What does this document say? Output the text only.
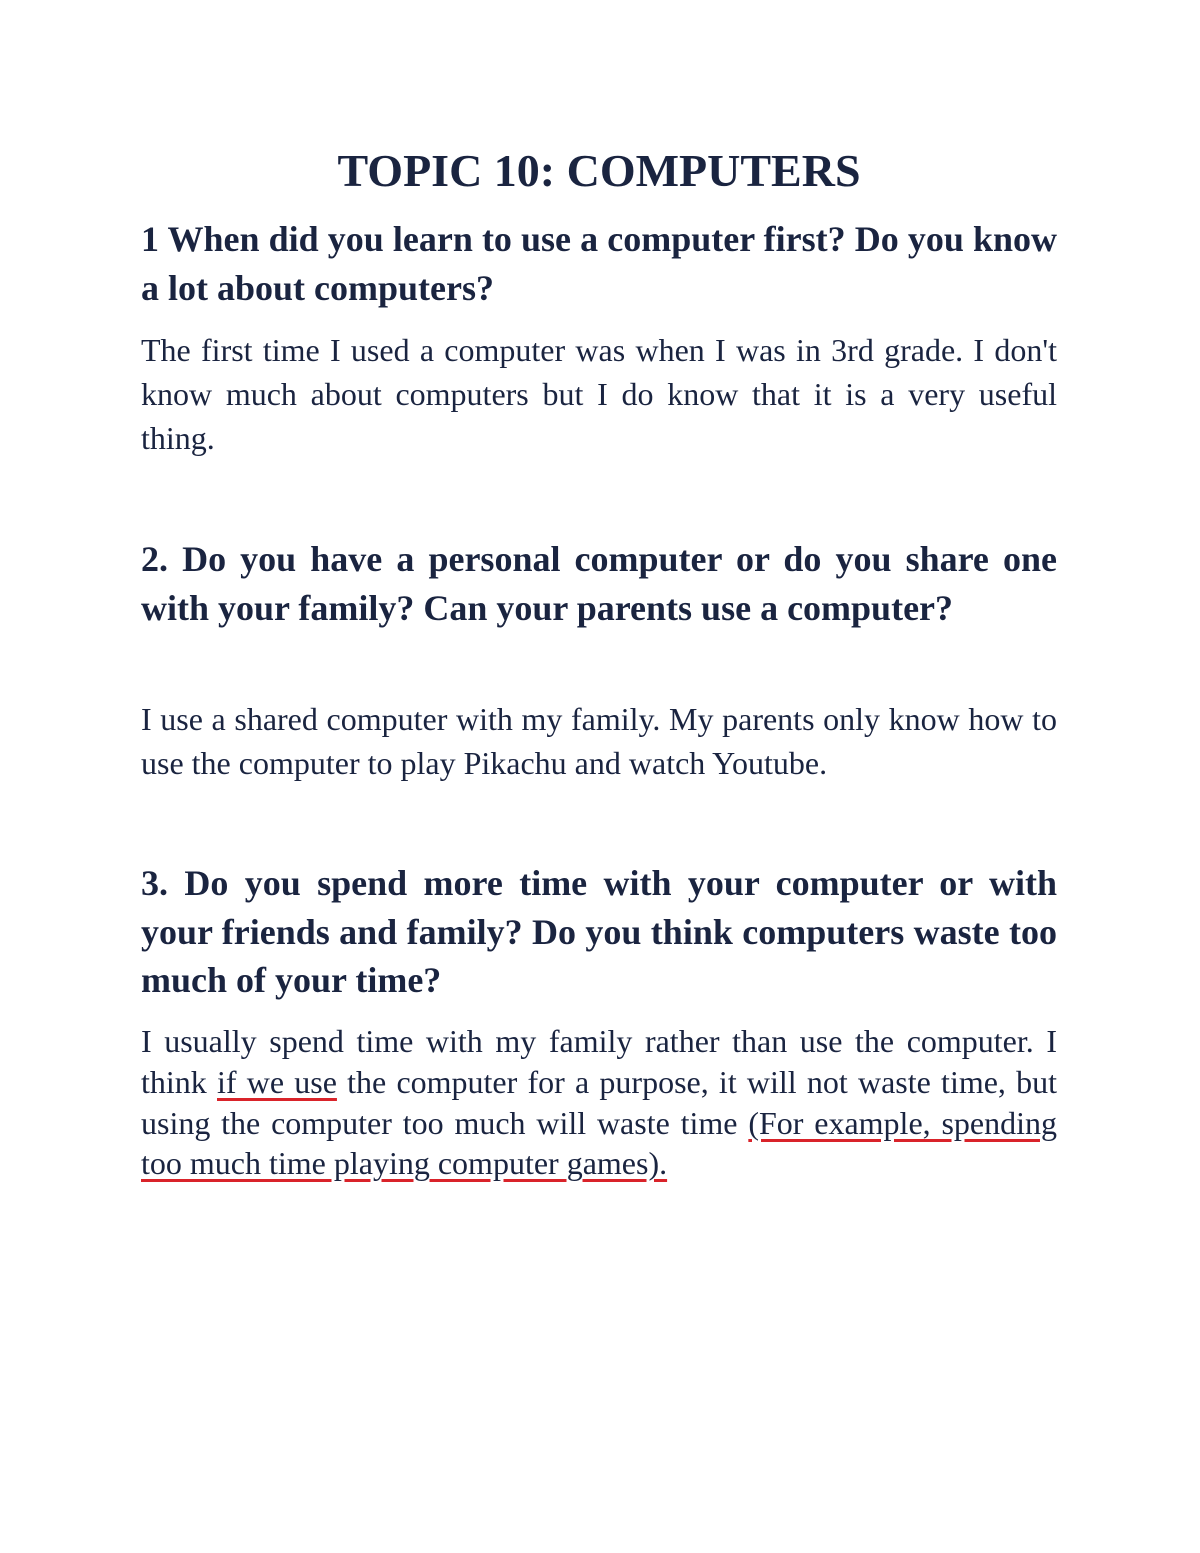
TOPIC 10: COMPUTERS

1 When did you learn to use a computer first? Do you know a lot about computers?

The first time I used a computer was when I was in 3rd grade. I don't know much about computers but I do know that it is a very useful thing.

2. Do you have a personal computer or do you share one with your family? Can your parents use a computer?

I use a shared computer with my family. My parents only know how to use the computer to play Pikachu and watch Youtube.

3. Do you spend more time with your computer or with your friends and family? Do you think computers waste too much of your time?

I usually spend time with my family rather than use the computer. I think if we use the computer for a purpose, it will not waste time, but using the computer too much will waste time (For example, spending too much time playing computer games).
